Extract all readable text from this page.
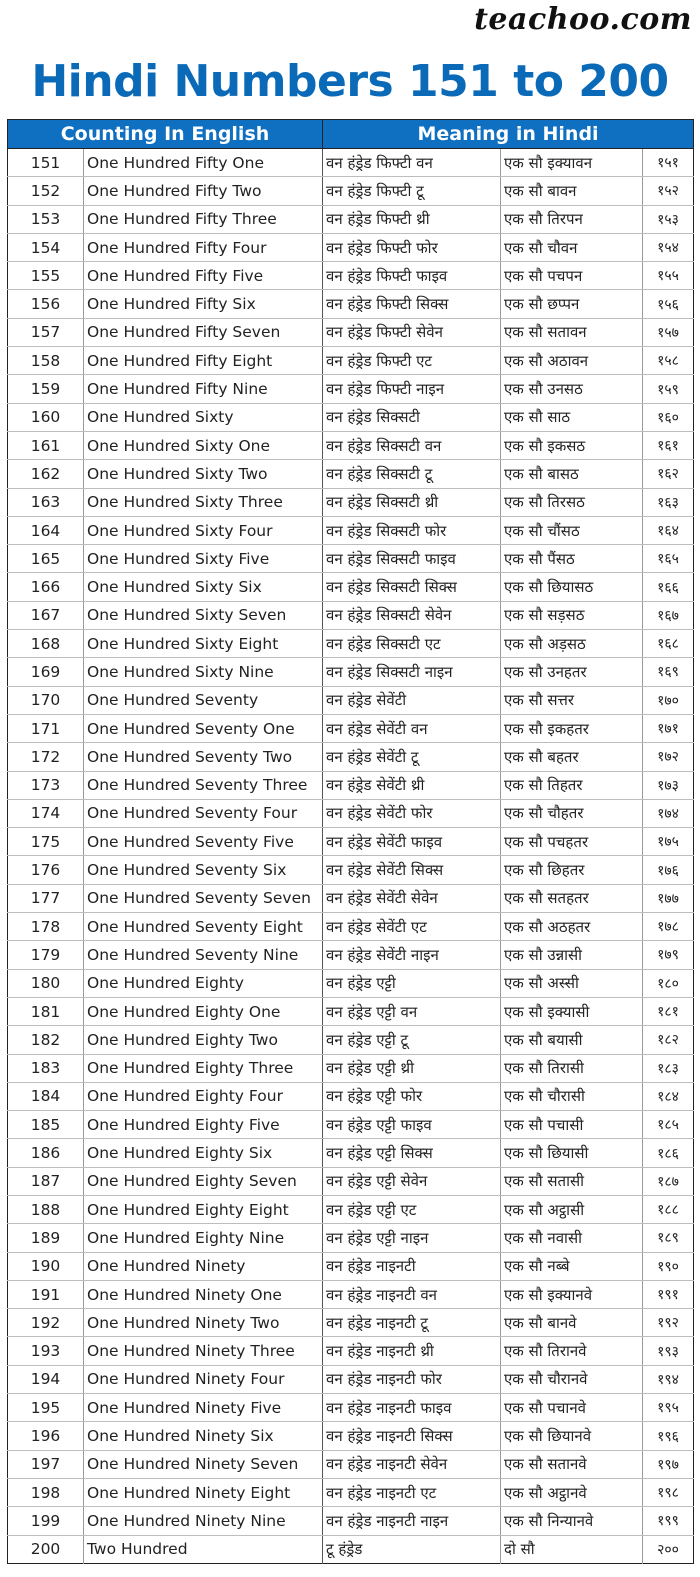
teachoo.com
Hindi Numbers 151 to 200
Counting In English		Meaning in Hindi		
151	One Hundred Fifty One	वन हंड्रेड फिफ्टी वन	एक सौ इक्यावन	१५१
152	One Hundred Fifty Two	वन हंड्रेड फिफ्टी टू	एक सौ बावन	१५२
153	One Hundred Fifty Three	वन हंड्रेड फिफ्टी थ्री	एक सौ तिरपन	१५३
154	One Hundred Fifty Four	वन हंड्रेड फिफ्टी फोर	एक सौ चौवन	१५४
155	One Hundred Fifty Five	वन हंड्रेड फिफ्टी फाइव	एक सौ पचपन	१५५
156	One Hundred Fifty Six	वन हंड्रेड फिफ्टी सिक्स	एक सौ छप्पन	१५६
157	One Hundred Fifty Seven	वन हंड्रेड फिफ्टी सेवेन	एक सौ सतावन	१५७
158	One Hundred Fifty Eight	वन हंड्रेड फिफ्टी एट	एक सौ अठावन	१५८
159	One Hundred Fifty Nine	वन हंड्रेड फिफ्टी नाइन	एक सौ उनसठ	१५९
160	One Hundred Sixty	वन हंड्रेड सिक्सटी	एक सौ साठ	१६०
161	One Hundred Sixty One	वन हंड्रेड सिक्सटी वन	एक सौ इकसठ	१६१
162	One Hundred Sixty Two	वन हंड्रेड सिक्सटी टू	एक सौ बासठ	१६२
163	One Hundred Sixty Three	वन हंड्रेड सिक्सटी थ्री	एक सौ तिरसठ	१६३
164	One Hundred Sixty Four	वन हंड्रेड सिक्सटी फोर	एक सौ चौंसठ	१६४
165	One Hundred Sixty Five	वन हंड्रेड सिक्सटी फाइव	एक सौ पैंसठ	१६५
166	One Hundred Sixty Six	वन हंड्रेड सिक्सटी सिक्स	एक सौ छियासठ	१६६
167	One Hundred Sixty Seven	वन हंड्रेड सिक्सटी सेवेन	एक सौ सड़सठ	१६७
168	One Hundred Sixty Eight	वन हंड्रेड सिक्सटी एट	एक सौ अड़सठ	१६८
169	One Hundred Sixty Nine	वन हंड्रेड सिक्सटी नाइन	एक सौ उनहतर	१६९
170	One Hundred Seventy	वन हंड्रेड सेवेंटी	एक सौ सत्तर	१७०
171	One Hundred Seventy One	वन हंड्रेड सेवेंटी वन	एक सौ इकहतर	१७१
172	One Hundred Seventy Two	वन हंड्रेड सेवेंटी टू	एक सौ बहतर	१७२
173	One Hundred Seventy Three	वन हंड्रेड सेवेंटी थ्री	एक सौ तिहतर	१७३
174	One Hundred Seventy Four	वन हंड्रेड सेवेंटी फोर	एक सौ चौहतर	१७४
175	One Hundred Seventy Five	वन हंड्रेड सेवेंटी फाइव	एक सौ पचहतर	१७५
176	One Hundred Seventy Six	वन हंड्रेड सेवेंटी सिक्स	एक सौ छिहतर	१७६
177	One Hundred Seventy Seven	वन हंड्रेड सेवेंटी सेवेन	एक सौ सतहतर	१७७
178	One Hundred Seventy Eight	वन हंड्रेड सेवेंटी एट	एक सौ अठहतर	१७८
179	One Hundred Seventy Nine	वन हंड्रेड सेवेंटी नाइन	एक सौ उन्नासी	१७९
180	One Hundred Eighty	वन हंड्रेड एट्टी	एक सौ अस्सी	१८०
181	One Hundred Eighty One	वन हंड्रेड एट्टी वन	एक सौ इक्यासी	१८१
182	One Hundred Eighty Two	वन हंड्रेड एट्टी टू	एक सौ बयासी	१८२
183	One Hundred Eighty Three	वन हंड्रेड एट्टी थ्री	एक सौ तिरासी	१८३
184	One Hundred Eighty Four	वन हंड्रेड एट्टी फोर	एक सौ चौरासी	१८४
185	One Hundred Eighty Five	वन हंड्रेड एट्टी फाइव	एक सौ पचासी	१८५
186	One Hundred Eighty Six	वन हंड्रेड एट्टी सिक्स	एक सौ छियासी	१८६
187	One Hundred Eighty Seven	वन हंड्रेड एट्टी सेवेन	एक सौ सतासी	१८७
188	One Hundred Eighty Eight	वन हंड्रेड एट्टी एट	एक सौ अट्ठासी	१८८
189	One Hundred Eighty Nine	वन हंड्रेड एट्टी नाइन	एक सौ नवासी	१८९
190	One Hundred Ninety	वन हंड्रेड नाइनटी	एक सौ नब्बे	१९०
191	One Hundred Ninety One	वन हंड्रेड नाइनटी वन	एक सौ इक्यानवे	१९१
192	One Hundred Ninety Two	वन हंड्रेड नाइनटी टू	एक सौ बानवे	१९२
193	One Hundred Ninety Three	वन हंड्रेड नाइनटी थ्री	एक सौ तिरानवे	१९३
194	One Hundred Ninety Four	वन हंड्रेड नाइनटी फोर	एक सौ चौरानवे	१९४
195	One Hundred Ninety Five	वन हंड्रेड नाइनटी फाइव	एक सौ पचानवे	१९५
196	One Hundred Ninety Six	वन हंड्रेड नाइनटी सिक्स	एक सौ छियानवे	१९६
197	One Hundred Ninety Seven	वन हंड्रेड नाइनटी सेवेन	एक सौ सतानवे	१९७
198	One Hundred Ninety Eight	वन हंड्रेड नाइनटी एट	एक सौ अट्ठानवे	१९८
199	One Hundred Ninety Nine	वन हंड्रेड नाइनटी नाइन	एक सौ निन्यानवे	१९९
200	Two Hundred	टू हंड्रेड	दो सौ	२००
